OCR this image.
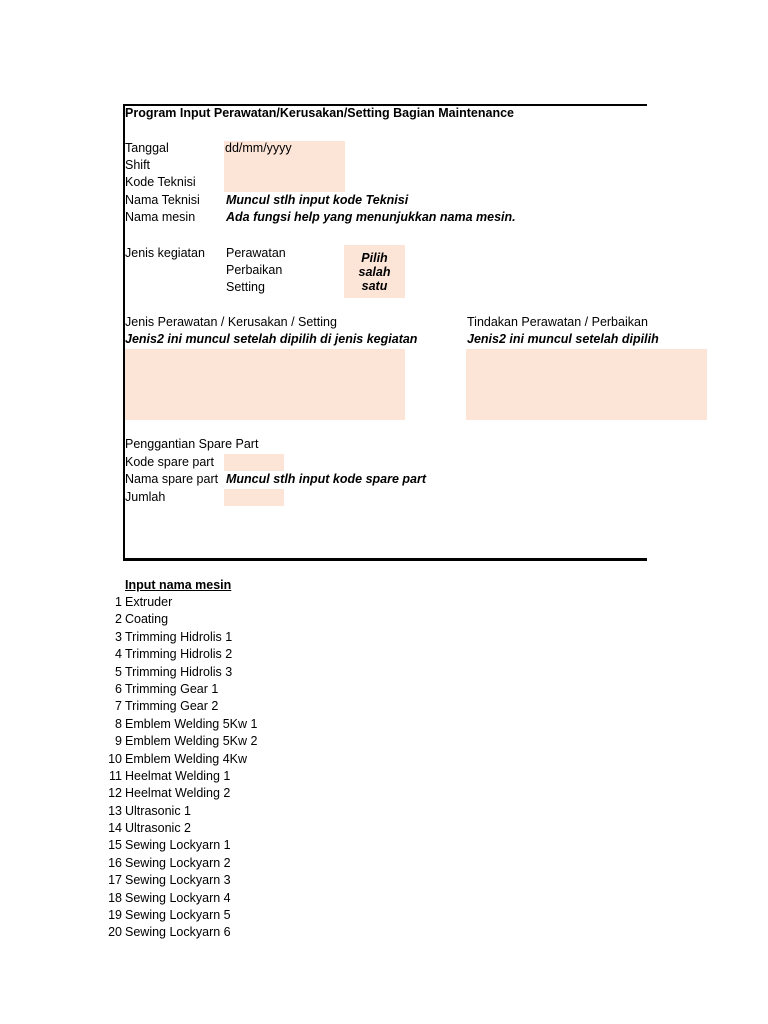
Program Input Perawatan/Kerusakan/Setting Bagian Maintenance
Tanggal	dd/mm/yyyy
Shift
Kode Teknisi
Nama Teknisi Muncul stlh input kode Teknisi
Nama mesin Ada fungsi help yang menunjukkan nama mesin.
Jenis kegiatan Perawatan
Perbaikan
Setting
Pilih salah satu
Jenis Perawatan / Kerusakan / Setting
Jenis2 ini muncul setelah dipilih di jenis kegiatan
Tindakan Perawatan / Perbaikan
Jenis2 ini muncul setelah dipilih
Penggantian Spare Part
Kode spare part
Nama spare part Muncul stlh input kode spare part
Jumlah
Input nama mesin
1 Extruder
2 Coating
3 Trimming Hidrolis 1
4 Trimming Hidrolis 2
5 Trimming Hidrolis 3
6 Trimming Gear 1
7 Trimming Gear 2
8 Emblem Welding 5Kw 1
9 Emblem Welding 5Kw 2
10 Emblem Welding 4Kw
11 Heelmat Welding 1
12 Heelmat Welding 2
13 Ultrasonic 1
14 Ultrasonic 2
15 Sewing Lockyarn 1
16 Sewing Lockyarn 2
17 Sewing Lockyarn 3
18 Sewing Lockyarn 4
19 Sewing Lockyarn 5
20 Sewing Lockyarn 6
